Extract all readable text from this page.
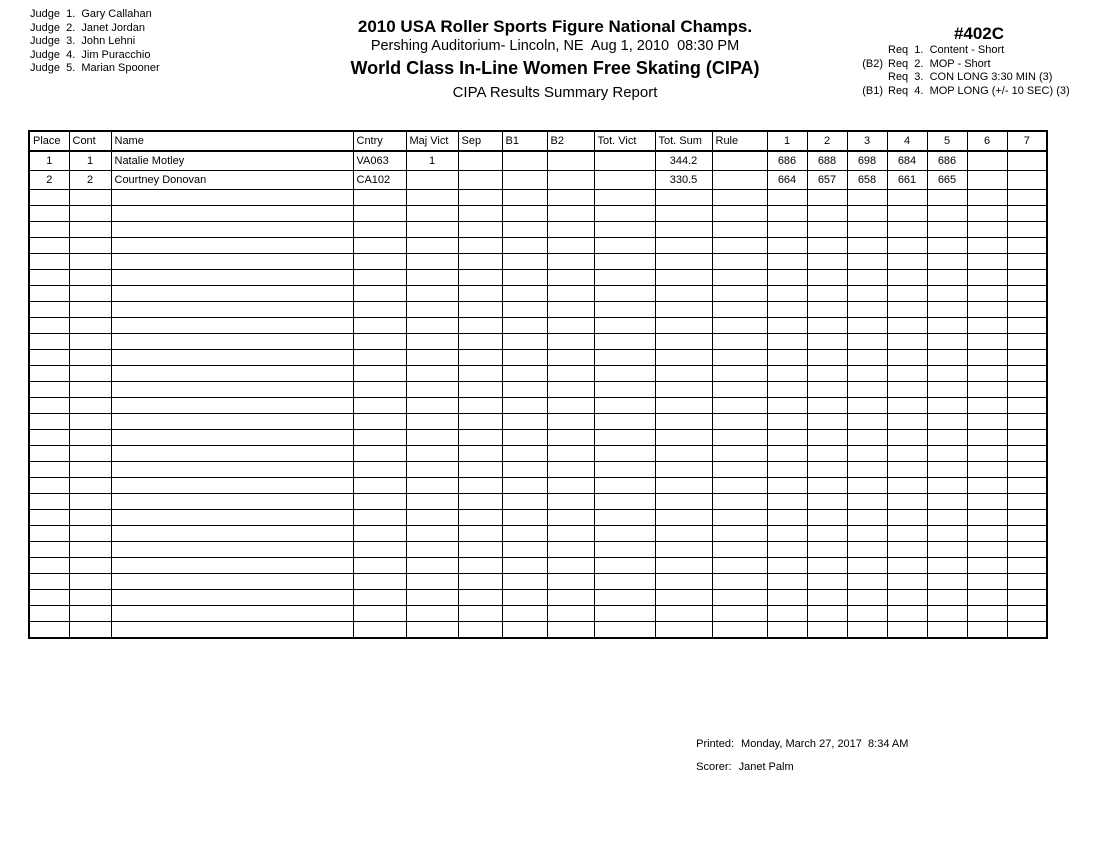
Judge  1.  Gary Callahan
Judge  2.  Janet Jordan
Judge  3.  John Lehni
Judge  4.  Jim Puracchio
Judge  5.  Marian Spooner
2010 USA Roller Sports Figure National Champs.
Pershing Auditorium- Lincoln, NE  Aug 1, 2010  08:30 PM
World Class In-Line Women Free Skating (CIPA)
CIPA Results Summary Report
#402C
Req  1.  Content - Short
(B2) Req  2.  MOP - Short
Req  3.  CON LONG 3:30 MIN (3)
(B1) Req  4.  MOP LONG (+/- 10 SEC) (3)
Place	Cont	Name	Cntry	Maj Vict	Sep	B1	B2	Tot. Vict	Tot. Sum	Rule	1	2	3	4	5	6	7
1	1	Natalie Motley	VA063	1					344.2		686	688	698	684	686		
2	2	Courtney Donovan	CA102						330.5		664	657	658	661	665		

Printed: Monday, March 27, 2017  8:34 AM

Scorer: Janet Palm
